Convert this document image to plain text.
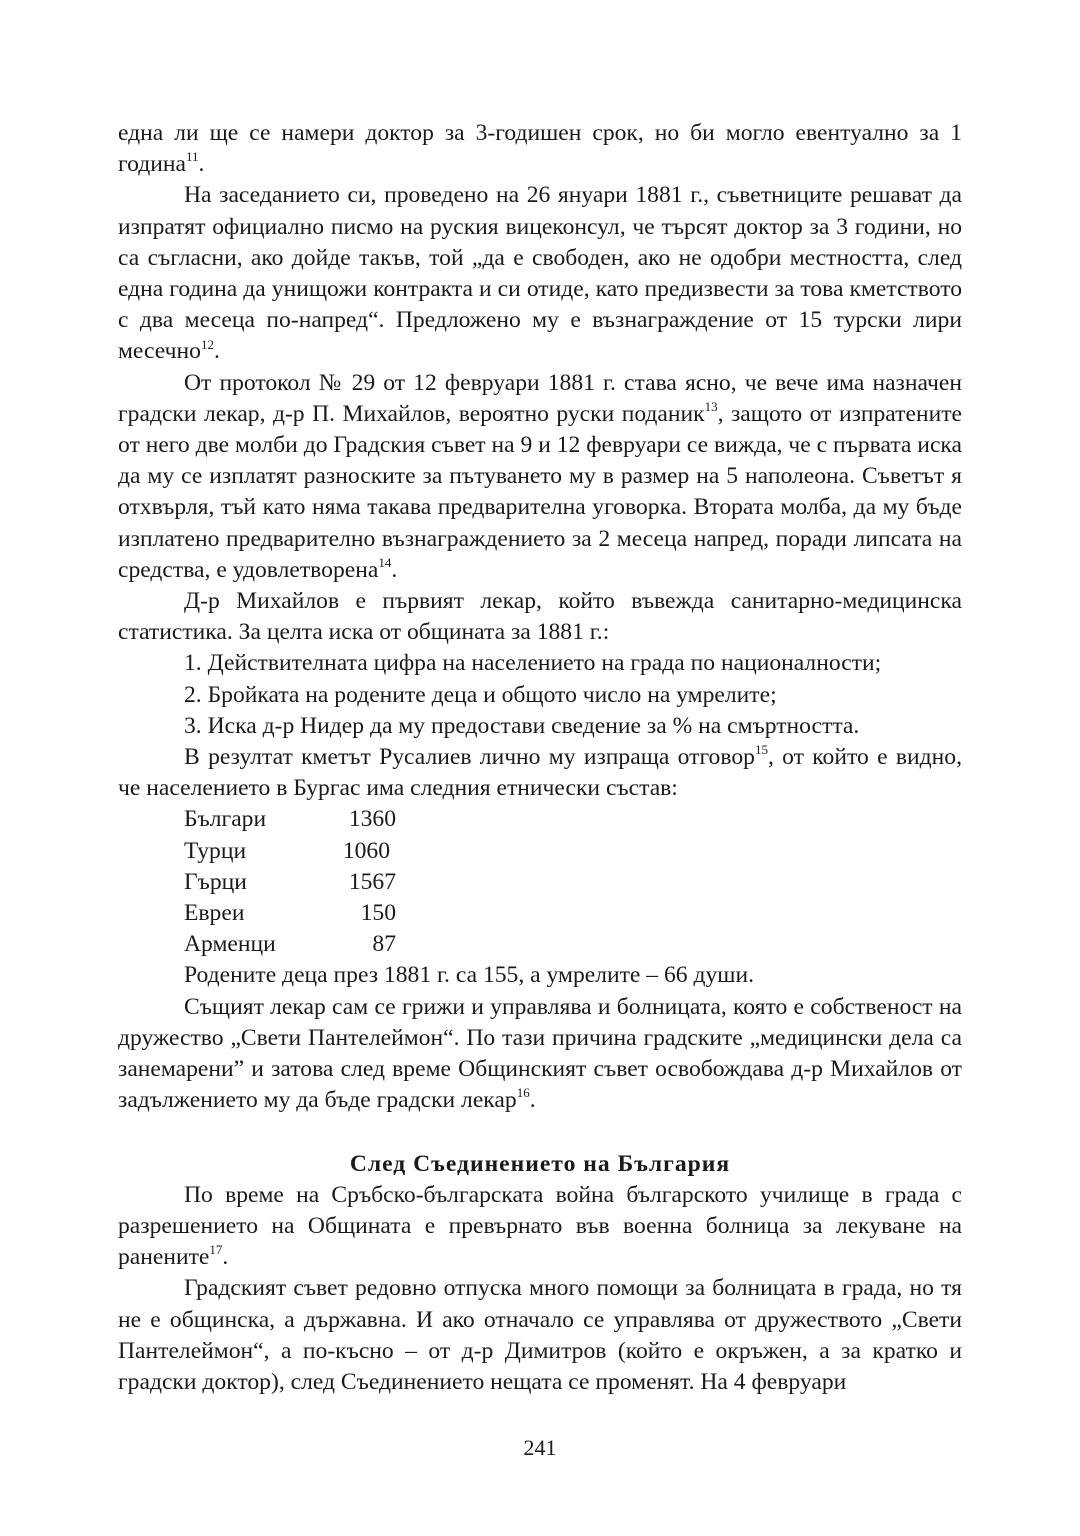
една ли ще се намери доктор за 3-годишен срок, но би могло евентуално за 1 година$^{11}$.

На заседанието си, проведено на 26 януари 1881 г., съветниците решават да изпратят официално писмо на руския вицеконсул, че търсят доктор за 3 години, но са съгласни, ако дойде такъв, той „да е свободен, ако не одобри местността, след една година да унищожи контракта и си отиде, като предизвести за това кметството с два месеца по-напред“. Предложено му е възнаграждение от 15 турски лири месечно$^{12}$.

От протокол № 29 от 12 февруари 1881 г. става ясно, че вече има назначен градски лекар, д-р П. Михайлов, вероятно руски поданик$^{13}$, защото от изпратените от него две молби до Градския съвет на 9 и 12 февруари се вижда, че с първата иска да му се изплатят разноските за пътуването му в размер на 5 наполеона. Съветът я отхвърля, тъй като няма такава предварителна уговорка. Втората молба, да му бъде изплатено предварително възнаграждението за 2 месеца напред, поради липсата на средства, е удовлетворена$^{14}$.

Д-р Михайлов е първият лекар, който въвежда санитарно-медицинска статистика. За целта иска от общината за 1881 г.:

1. Действителната цифра на населението на града по националности;

2. Бройката на родените деца и общото число на умрелите;

3. Иска д-р Нидер да му предостави сведение за % на смъртността.

В резултат кметът Русалиев лично му изпраща отговор$^{15}$, от който е видно, че населението в Бургас има следния етнически състав:

Българи	1360
Турци	1060
Гърци	1567
Евреи	150
Арменци	87

Родените деца през 1881 г. са 155, а умрелите – 66 души.

Същият лекар сам се грижи и управлява и болницата, която е собственост на дружество „Свети Пантелеймон“. По тази причина градските „медицински дела са занемарени” и затова след време Общинският съвет освобождава д-р Михайлов от задължението му да бъде градски лекар$^{16}$.

След Съединението на България

По време на Сръбско-българската война българското училище в града с разрешението на Общината е превърнато във военна болница за лекуване на ранените$^{17}$.

Градският съвет редовно отпуска много помощи за болницата в града, но тя не е общинска, а държавна. И ако отначало се управлява от дружеството „Свети Пантелеймон“, а по-късно – от д-р Димитров (който е окръжен, а за кратко и градски доктор), след Съединението нещата се променят. На 4 февруари

241
